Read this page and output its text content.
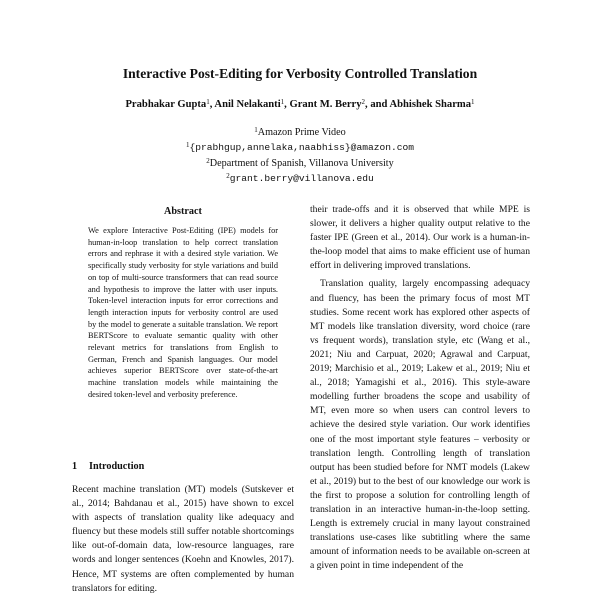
Interactive Post-Editing for Verbosity Controlled Translation
Prabhakar Gupta$^1$, Anil Nelakanti$^1$, Grant M. Berry$^2$, and Abhishek Sharma$^1$
$^1$Amazon Prime Video
$^1${prabhgup,annelaka,naabhiss}@amazon.com
$^2$Department of Spanish, Villanova University
$^2$grant.berry@villanova.edu
Abstract
We explore Interactive Post-Editing (IPE) models for human-in-loop translation to help correct translation errors and rephrase it with a desired style variation. We specifically study verbosity for style variations and build on top of multi-source transformers that can read source and hypothesis to improve the latter with user inputs. Token-level interaction inputs for error corrections and length interaction inputs for verbosity control are used by the model to generate a suitable translation. We report BERTScore to evaluate semantic quality with other relevant metrics for translations from English to German, French and Spanish languages. Our model achieves superior BERTScore over state-of-the-art machine translation models while maintaining the desired token-level and verbosity preference.
1 Introduction
Recent machine translation (MT) models (Sutskever et al., 2014; Bahdanau et al., 2015) have shown to excel with aspects of translation quality like adequacy and fluency but these models still suffer notable shortcomings like out-of-domain data, low-resource languages, rare words and longer sentences (Koehn and Knowles, 2017). Hence, MT systems are often complemented by human translators for editing.

their trade-offs and it is observed that while MPE is slower, it delivers a higher quality output relative to the faster IPE (Green et al., 2014). Our work is a human-in-the-loop model that aims to make efficient use of human effort in delivering improved translations.

Translation quality, largely encompassing adequacy and fluency, has been the primary focus of most MT studies. Some recent work has explored other aspects of MT models like translation diversity, word choice (rare vs frequent words), translation style, etc (Wang et al., 2021; Niu and Carpuat, 2020; Agrawal and Carpuat, 2019; Marchisio et al., 2019; Lakew et al., 2019; Niu et al., 2018; Yamagishi et al., 2016). This style-aware modelling further broadens the scope and usability of MT, even more so when users can control levers to achieve the desired style variation. Our work identifies one of the most important style features – verbosity or translation length. Controlling length of translation output has been studied before for NMT models (Lakew et al., 2019) but to the best of our knowledge our work is the first to propose a solution for controlling length of translation in an interactive human-in-the-loop setting. Length is extremely crucial in many layout constrained translations use-cases like subtitling where the same amount of information needs to be available on-screen at a given point in time independent of the
